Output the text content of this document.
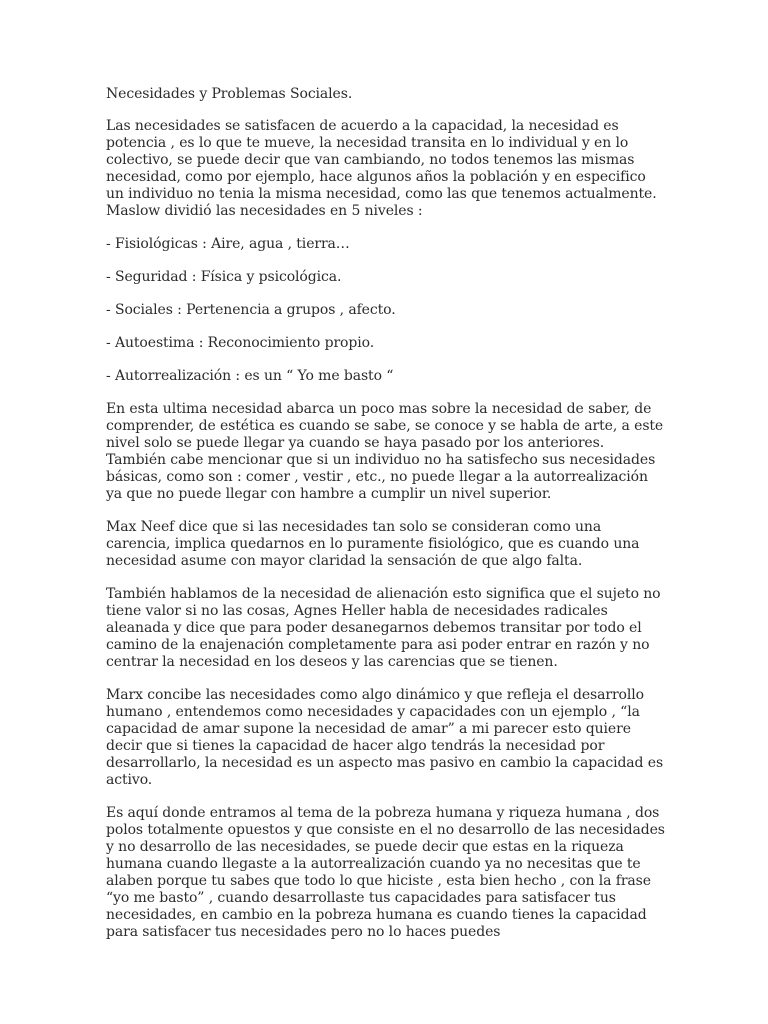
Necesidades y Problemas Sociales.

Las necesidades se satisfacen de acuerdo a la capacidad, la necesidad es potencia , es lo que te mueve, la necesidad transita en lo individual y en lo colectivo, se puede decir que van cambiando, no todos tenemos las mismas necesidad, como por ejemplo, hace algunos años la población y en especifico un individuo no tenia la misma necesidad, como las que tenemos actualmente. Maslow dividió las necesidades en 5 niveles :

- Fisiológicas : Aire, agua , tierra…

- Seguridad : Física y psicológica.

- Sociales : Pertenencia a grupos , afecto.

- Autoestima : Reconocimiento propio.

- Autorrealización : es un “ Yo me basto “

En esta ultima necesidad abarca un poco mas sobre la necesidad de saber, de comprender, de estética es cuando se sabe, se conoce y se habla de arte, a este nivel solo se puede llegar ya cuando se haya pasado por los anteriores. También cabe mencionar que si un individuo no ha satisfecho sus necesidades básicas, como son : comer , vestir , etc., no puede llegar a la autorrealización ya que no puede llegar con hambre a cumplir un nivel superior.

Max Neef dice que si las necesidades tan solo se consideran como una carencia, implica quedarnos en lo puramente fisiológico, que es cuando una necesidad asume con mayor claridad la sensación de que algo falta.

También hablamos de la necesidad de alienación esto significa que el sujeto no tiene valor si no las cosas, Agnes Heller habla de necesidades radicales aleanada y dice que para poder desanegarnos debemos transitar por todo el camino de la enajenación completamente para asi poder entrar en razón y no centrar la necesidad en los deseos y las carencias que se tienen.

Marx concibe las necesidades como algo dinámico y que refleja el desarrollo humano , entendemos como necesidades y capacidades con un ejemplo , “la capacidad de amar supone la necesidad de amar” a mi parecer esto quiere decir que si tienes la capacidad de hacer algo tendrás la necesidad por desarrollarlo, la necesidad es un aspecto mas pasivo en cambio la capacidad es activo.

Es aquí donde entramos al tema de la pobreza humana y riqueza humana , dos polos totalmente opuestos y que consiste en el no desarrollo de las necesidades y no desarrollo de las necesidades, se puede decir que estas en la riqueza humana cuando llegaste a la autorrealización cuando ya no necesitas que te alaben porque tu sabes que todo lo que hiciste , esta bien hecho , con la frase “yo me basto” , cuando desarrollaste tus capacidades para satisfacer tus necesidades, en cambio en la pobreza humana es cuando tienes la capacidad para satisfacer tus necesidades pero no lo haces puedes
